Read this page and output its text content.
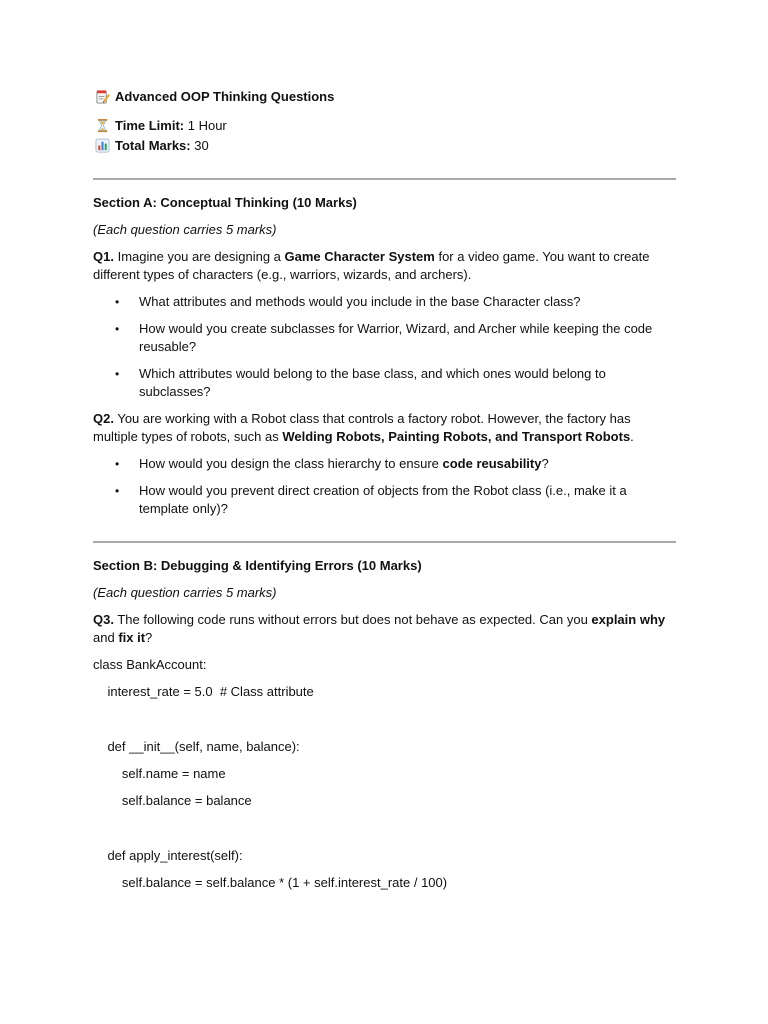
Advanced OOP Thinking Questions
Time Limit: 1 Hour
Total Marks: 30
Section A: Conceptual Thinking (10 Marks)
(Each question carries 5 marks)
Q1. Imagine you are designing a Game Character System for a video game. You want to create different types of characters (e.g., warriors, wizards, and archers).
• What attributes and methods would you include in the base Character class?
• How would you create subclasses for Warrior, Wizard, and Archer while keeping the code reusable?
• Which attributes would belong to the base class, and which ones would belong to subclasses?
Q2. You are working with a Robot class that controls a factory robot. However, the factory has multiple types of robots, such as Welding Robots, Painting Robots, and Transport Robots.
• How would you design the class hierarchy to ensure code reusability?
• How would you prevent direct creation of objects from the Robot class (i.e., make it a template only)?
Section B: Debugging & Identifying Errors (10 Marks)
(Each question carries 5 marks)
Q3. The following code runs without errors but does not behave as expected. Can you explain why and fix it?
class BankAccount:
interest_rate = 5.0  # Class attribute
def __init__(self, name, balance):
self.name = name
self.balance = balance
def apply_interest(self):
self.balance = self.balance * (1 + self.interest_rate / 100)
